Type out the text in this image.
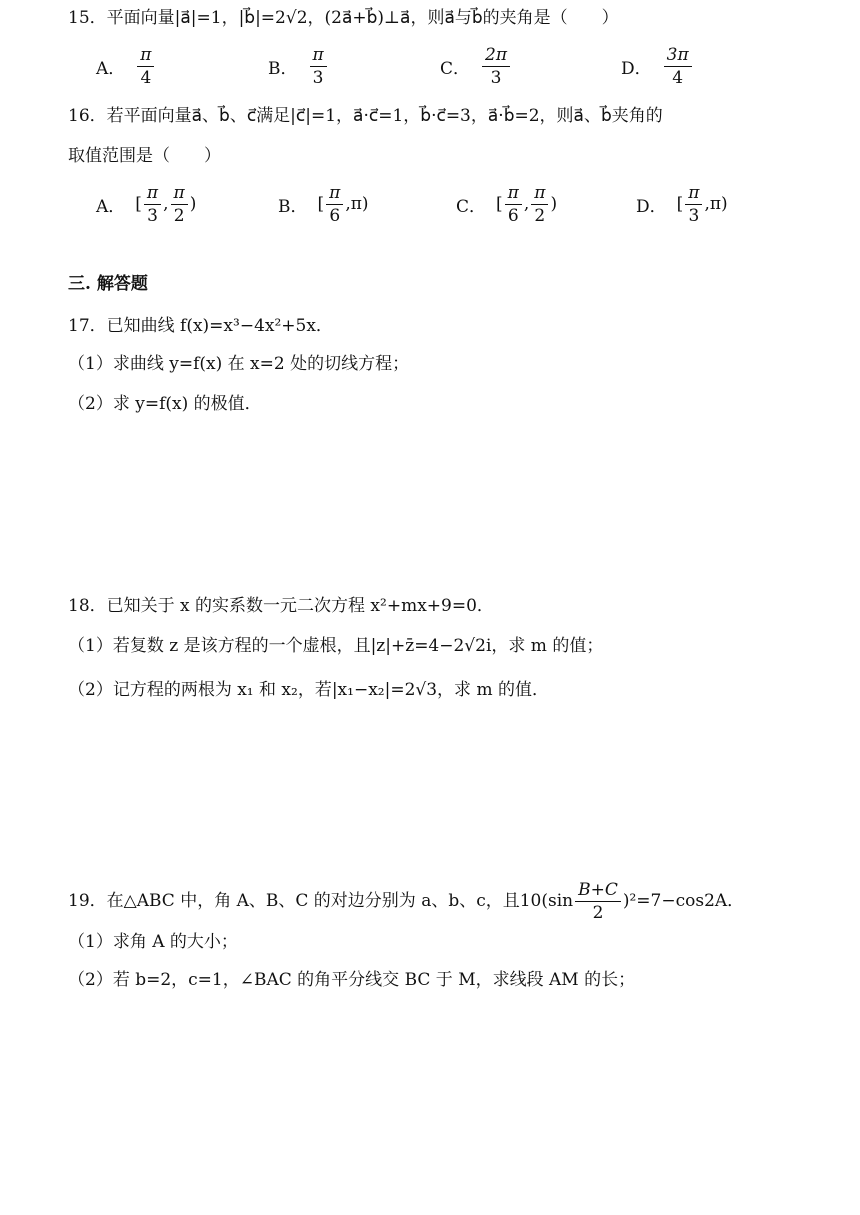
15．平面向量|a⃗|=1，|b⃗|=2√2，(2a⃗+b⃗)⊥a⃗，则a⃗与b⃗的夹角是（　　）
A． $\frac{\pi}{4}$	B． $\frac{\pi}{3}$	C． $\frac{2\pi}{3}$	D． $\frac{3\pi}{4}$
16．若平面向量a⃗、b⃗、c⃗满足|c⃗|=1，a⃗·c⃗=1，b⃗·c⃗=3，a⃗·b⃗=2，则a⃗、b⃗夹角的
取值范围是（　　）
A． [ $\frac{\pi}{3}$ , $\frac{\pi}{2}$ )	B． [ $\frac{\pi}{6} ,\pi$)	C． [ $\frac{\pi}{6}$ , $\frac{\pi}{2}$ )	D． [ $\frac{\pi}{3} ,\pi$)
三. 解答题
17．已知曲线 f(x)=x³−4x²+5x．
（1）求曲线 y=f(x) 在 x=2 处的切线方程；
（2）求 y=f(x) 的极值．
18．已知关于 x 的实系数一元二次方程 x²+mx+9=0．
（1）若复数 z 是该方程的一个虚根，且|z|+z̄=4−2√2i，求 m 的值；
（2）记方程的两根为 x₁ 和 x₂，若|x₁−x₂|=2√3，求 m 的值．
19．在△ABC 中，角 A、B、C 的对边分别为 a、b、c，且$10(\sin \frac{B+C}{2} )^2=7-\cos 2A$．
（1）求角 A 的大小；
（2）若 b=2，c=1，∠BAC 的角平分线交 BC 于 M，求线段 AM 的长；
